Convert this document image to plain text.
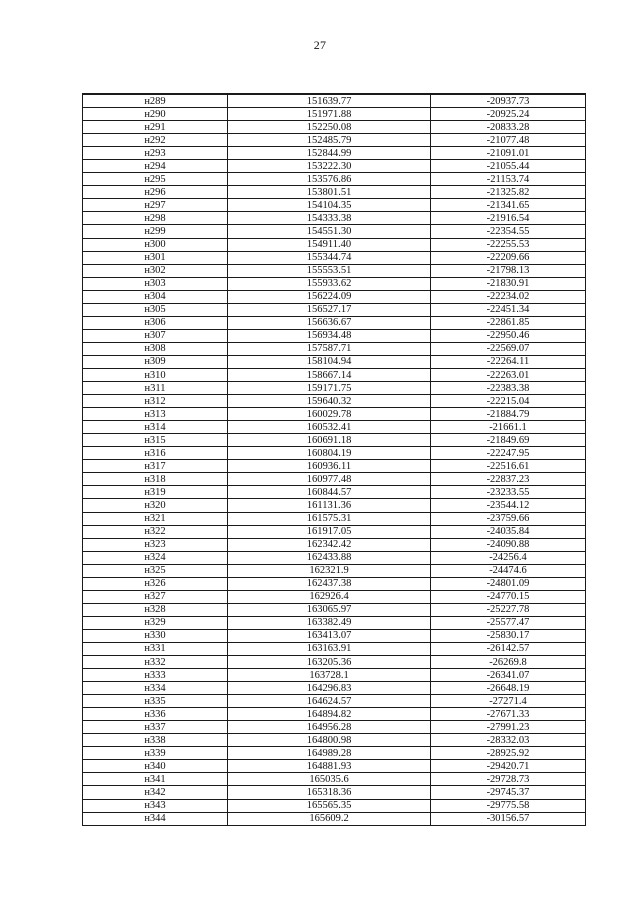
27
н289	151639.77	-20937.73
н290	151971.88	-20925.24
н291	152250.08	-20833.28
н292	152485.79	-21077.48
н293	152844.99	-21091.01
н294	153222.30	-21055.44
н295	153576.86	-21153.74
н296	153801.51	-21325.82
н297	154104.35	-21341.65
н298	154333.38	-21916.54
н299	154551.30	-22354.55
н300	154911.40	-22255.53
н301	155344.74	-22209.66
н302	155553.51	-21798.13
н303	155933.62	-21830.91
н304	156224.09	-22234.02
н305	156527.17	-22451.34
н306	156636.67	-22861.85
н307	156934.48	-22950.46
н308	157587.71	-22569.07
н309	158104.94	-22264.11
н310	158667.14	-22263.01
н311	159171.75	-22383.38
н312	159640.32	-22215.04
н313	160029.78	-21884.79
н314	160532.41	-21661.1
н315	160691.18	-21849.69
н316	160804.19	-22247.95
н317	160936.11	-22516.61
н318	160977.48	-22837.23
н319	160844.57	-23233.55
н320	161131.36	-23544.12
н321	161575.31	-23759.66
н322	161917.05	-24035.84
н323	162342.42	-24090.88
н324	162433.88	-24256.4
н325	162321.9	-24474.6
н326	162437.38	-24801.09
н327	162926.4	-24770.15
н328	163065.97	-25227.78
н329	163382.49	-25577.47
н330	163413.07	-25830.17
н331	163163.91	-26142.57
н332	163205.36	-26269.8
н333	163728.1	-26341.07
н334	164296.83	-26648.19
н335	164624.57	-27271.4
н336	164894.82	-27671.33
н337	164956.28	-27991.23
н338	164800.98	-28332.03
н339	164989.28	-28925.92
н340	164881.93	-29420.71
н341	165035.6	-29728.73
н342	165318.36	-29745.37
н343	165565.35	-29775.58
н344	165609.2	-30156.57
